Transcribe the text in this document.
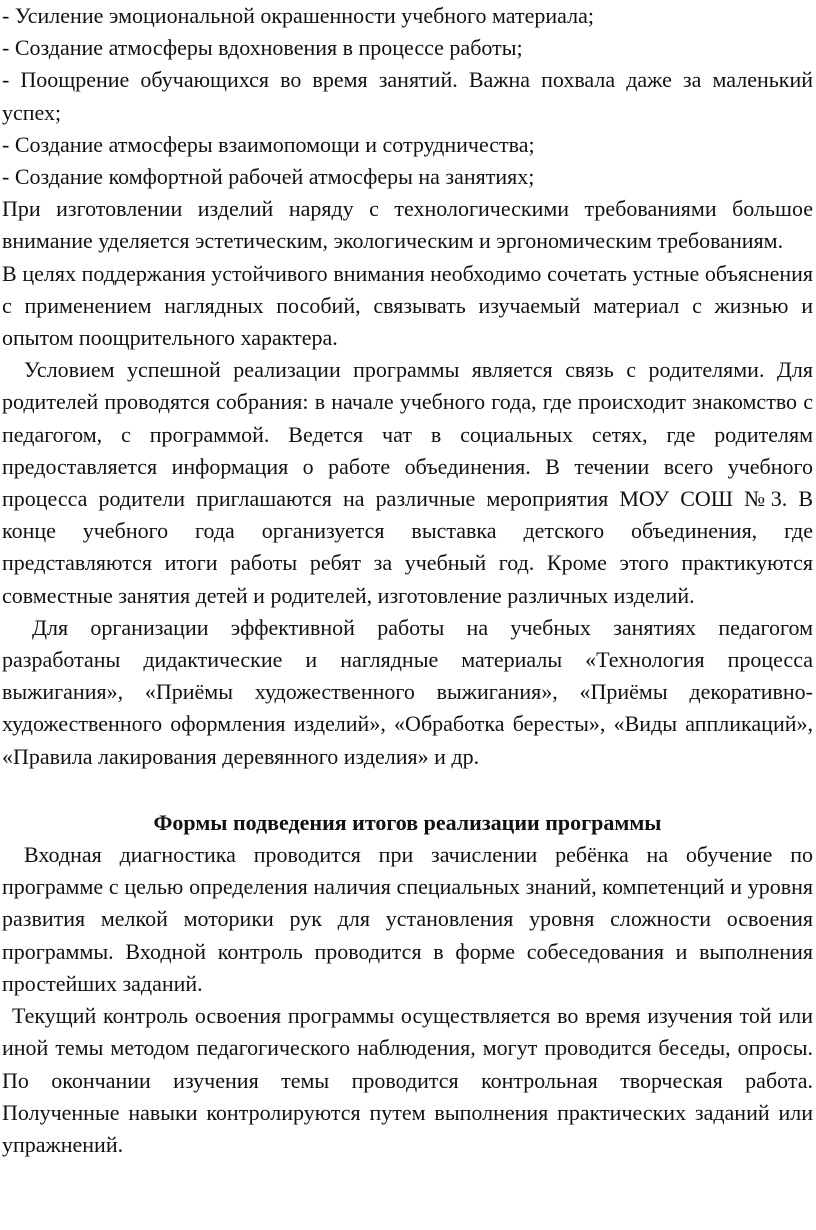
- Усиление эмоциональной окрашенности учебного материала;

- Создание атмосферы вдохновения в процессе работы;

- Поощрение обучающихся во время занятий. Важна похвала даже за маленький успех;

- Создание атмосферы взаимопомощи и сотрудничества;

- Создание комфортной рабочей атмосферы на занятиях;

При изготовлении изделий наряду с технологическими требованиями большое внимание уделяется эстетическим, экологическим и эргономическим требованиям.

В целях поддержания устойчивого внимания необходимо сочетать устные объяснения с применением наглядных пособий, связывать изучаемый материал с жизнью и опытом поощрительного характера.

Условием успешной реализации программы является связь с родителями. Для родителей проводятся собрания: в начале учебного года, где происходит знакомство с педагогом, с программой. Ведется чат в социальных сетях, где родителям предоставляется информация о работе объединения. В течении всего учебного процесса родители приглашаются на различные мероприятия МОУ СОШ №3. В конце учебного года организуется выставка детского объединения, где представляются итоги работы ребят за учебный год. Кроме этого практикуются совместные занятия детей и родителей, изготовление различных изделий.

Для организации эффективной работы на учебных занятиях педагогом разработаны дидактические и наглядные материалы «Технология процесса выжигания», «Приёмы художественного выжигания», «Приёмы декоративно-художественного оформления изделий», «Обработка бересты», «Виды аппликаций», «Правила лакирования деревянного изделия» и др.

Формы подведения итогов реализации программы

Входная диагностика проводится при зачислении ребёнка на обучение по программе с целью определения наличия специальных знаний, компетенций и уровня развития мелкой моторики рук для установления уровня сложности освоения программы. Входной контроль проводится в форме собеседования и выполнения простейших заданий.

Текущий контроль освоения программы осуществляется во время изучения той или иной темы методом педагогического наблюдения, могут проводится беседы, опросы. По окончании изучения темы проводится контрольная творческая работа. Полученные навыки контролируются путем выполнения практических заданий или упражнений.
